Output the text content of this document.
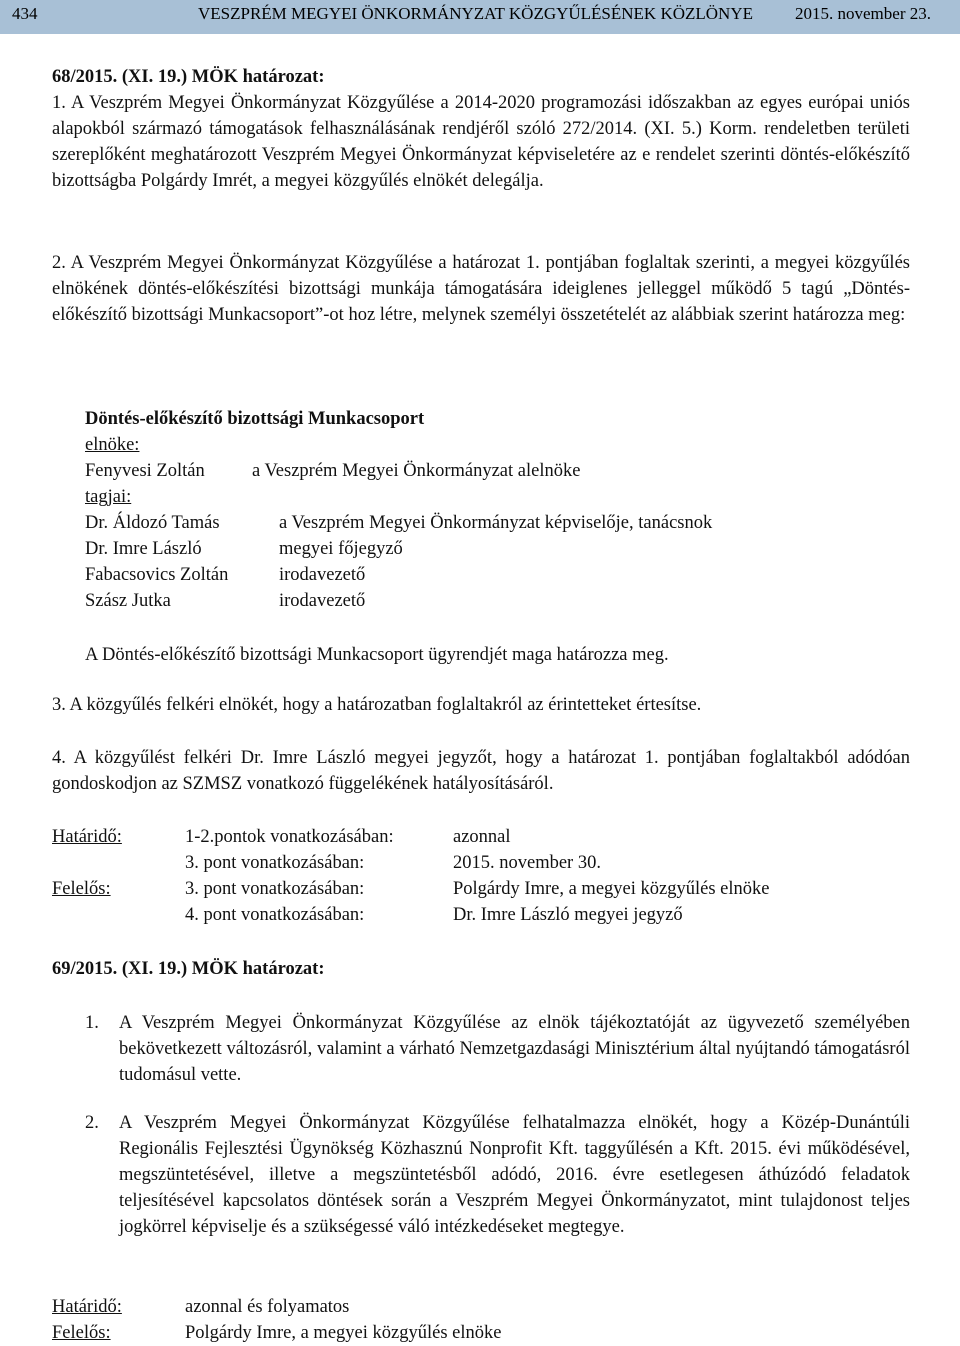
434	VESZPRÉM MEGYEI ÖNKORMÁNYZAT KÖZGYŰLÉSÉNEK KÖZLÖNYE 2015. november 23.
68/2015. (XI. 19.) MÖK határozat:

1. A Veszprém Megyei Önkormányzat Közgyűlése a 2014-2020 programozási időszakban az egyes európai uniós alapokból származó támogatások felhasználásának rendjéről szóló 272/2014. (XI. 5.) Korm. rendeletben területi szereplőként meghatározott Veszprém Megyei Önkormányzat képviseletére az e rendelet szerinti döntés-előkészítő bizottságba Polgárdy Imrét, a megyei közgyűlés elnökét delegálja.

2. A Veszprém Megyei Önkormányzat Közgyűlése a határozat 1. pontjában foglaltak szerinti, a megyei közgyűlés elnökének döntés-előkészítési bizottsági munkája támogatására ideiglenes jelleggel működő 5 tagú „Döntés-előkészítő bizottsági Munkacsoport”-ot hoz létre, melynek személyi összetételét az alábbiak szerint határozza meg:

Döntés-előkészítő bizottsági Munkacsoport
elnöke:
Fenyvesi Zoltán	a Veszprém Megyei Önkormányzat alelnöke
tagjai:
Dr. Áldozó Tamás	a Veszprém Megyei Önkormányzat képviselője, tanácsnok
Dr. Imre László	megyei főjegyző
Fabacsovics Zoltán	irodavezető
Szász Jutka	irodavezető
A Döntés-előkészítő bizottsági Munkacsoport ügyrendjét maga határozza meg.

3. A közgyűlés felkéri elnökét, hogy a határozatban foglaltakról az érintetteket értesítse.

4. A közgyűlést felkéri Dr. Imre László megyei jegyzőt, hogy a határozat 1. pontjában foglaltakból adódóan gondoskodjon az SZMSZ vonatkozó függelékének hatályosításáról.

Határidő:	1-2.pontok vonatkozásában:	azonnal
3. pont vonatkozásában:	2015. november 30.
Felelős:	3. pont vonatkozásában:	Polgárdy Imre, a megyei közgyűlés elnöke
4. pont vonatkozásában:	Dr. Imre László megyei jegyző
69/2015. (XI. 19.) MÖK határozat:
1. A Veszprém Megyei Önkormányzat Közgyűlése az elnök tájékoztatóját az ügyvezető személyében bekövetkezett változásról, valamint a várható Nemzetgazdasági Minisztérium által nyújtandó támogatásról tudomásul vette.

2. A Veszprém Megyei Önkormányzat Közgyűlése felhatalmazza elnökét, hogy a Közép-Dunántúli Regionális Fejlesztési Ügynökség Közhasznú Nonprofit Kft. taggyűlésén a Kft. 2015. évi működésével, megszüntetésével, illetve a megszüntetésből adódó, 2016. évre esetlegesen áthúzódó feladatok teljesítésével kapcsolatos döntések során a Veszprém Megyei Önkormányzatot, mint tulajdonost teljes jogkörrel képviselje és a szükségessé váló intézkedéseket megtegye.

Határidő:	azonnal és folyamatos
Felelős:	Polgárdy Imre, a megyei közgyűlés elnöke
